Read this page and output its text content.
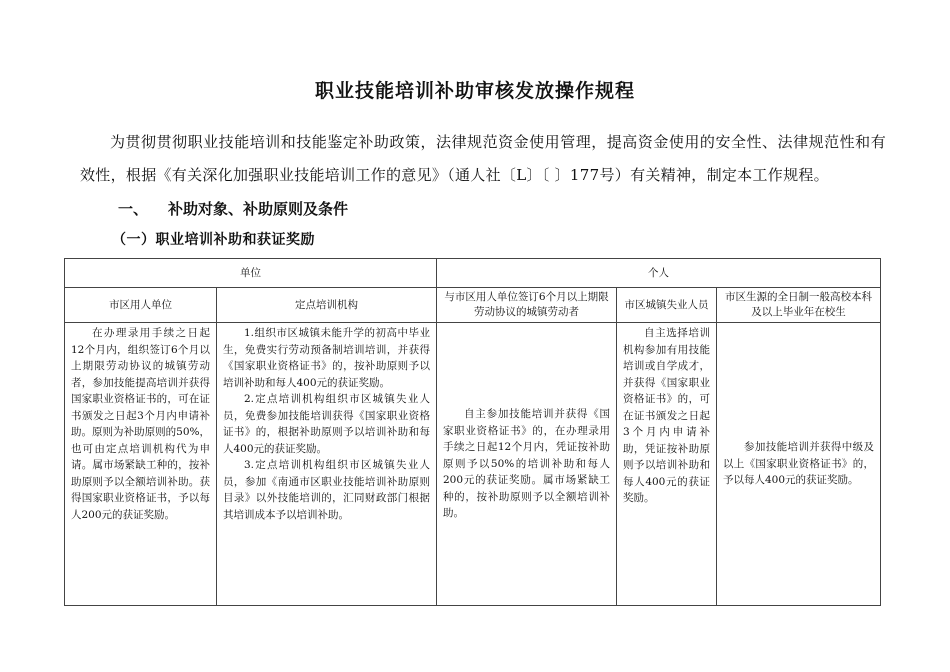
职业技能培训补助审核发放操作规程

为贯彻贯彻职业技能培训和技能鉴定补助政策，法律规范资金使用管理，提高资金使用的安全性、法律规范性和有效性，根据《有关深化加强职业技能培训工作的意见》（通人社〔L〕〔 〕177号）有关精神，制定本工作规程。

一、 补助对象、补助原则及条件
（一）职业培训补助和获证奖励
单位		个人		
市区用人单位	定点培训机构	与市区用人单位签订6个月以上期限劳动协议的城镇劳动者	市区城镇失业人员	市区生源的全日制一般高校本科及以上毕业年在校生
在办理录用手续之日起12个月内，组织签订6个月以上期限劳动协议的城镇劳动者，参加技能提高培训并获得国家职业资格证书的，可在证书颁发之日起3个月内申请补助。原则为补助原则的50%，也可由定点培训机构代为申请。属市场紧缺工种的，按补助原则予以全额培训补助。获得国家职业资格证书，予以每人200元的获证奖励。	1.组织市区城镇未能升学的初高中毕业生，免费实行劳动预备制培训培训，并获得《国家职业资格证书》的，按补助原则予以培训补助和每人400元的获证奖励。

2.定点培训机构组织市区城镇失业人员，免费参加技能培训获得《国家职业资格证书》的，根据补助原则予以培训补助和每人400元的获证奖励。

3.定点培训机构组织市区城镇失业人员，参加《南通市区职业技能培训补助原则目录》以外技能培训的，汇同财政部门根据其培训成本予以培训补助。	自主参加技能培训并获得《国家职业资格证书》的，在办理录用手续之日起12个月内，凭证按补助原则予以50%的培训补助和每人200元的获证奖励。属市场紧缺工种的，按补助原则予以全额培训补助。	自主选择培训机构参加有用技能培训或自学成才，并获得《国家职业资格证书》的，可在证书颁发之日起3个月内申请补助，凭证按补助原则予以培训补助和每人400元的获证奖励。	参加技能培训并获得中级及以上《国家职业资格证书》的，予以每人400元的获证奖励。
